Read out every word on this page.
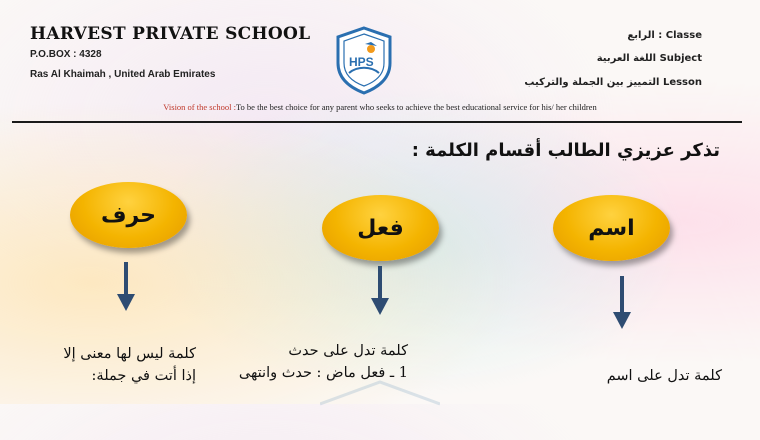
HARVEST PRIVATE SCHOOL
P.O.BOX : 4328
Ras Al Khaimah , United Arab Emirates
HPS
الرابع : Classe
اللغة العربية Subject
التمييز بين الجملة والتركيب Lesson
Vision of the school :To be the best choice for any parent who seeks to achieve the best educational service for his/ her children
تذكر عزيزي الطالب أقسام الكلمة :
اسم
كلمة تدل على اسم
فعل
كلمة تدل على حدث
1 ـ فعل ماض : حدث وانتهى
حرف
كلمة ليس لها معنى إلا
إذا أتت في جملة:
